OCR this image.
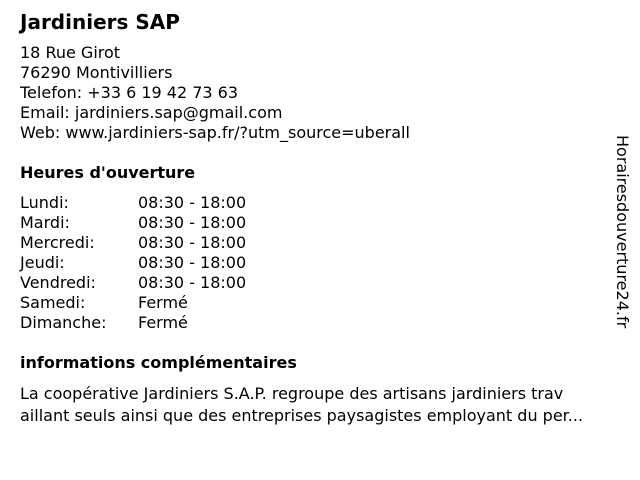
Jardiniers SAP
18 Rue Girot
76290 Montivilliers
Telefon: +33 6 19 42 73 63
Email: jardiniers.sap@gmail.com
Web: www.jardiniers-sap.fr/?utm_source=uberall
Heures d'ouverture
Lundi:	08:30 - 18:00
Mardi:	08:30 - 18:00
Mercredi:	08:30 - 18:00
Jeudi:	08:30 - 18:00
Vendredi:	08:30 - 18:00
Samedi:	Fermé
Dimanche:	Fermé
informations complémentaires
La coopérative Jardiniers S.A.P. regroupe des artisans jardiniers trav
aillant seuls ainsi que des entreprises paysagistes employant du per...
Horairesdouverture24.fr
